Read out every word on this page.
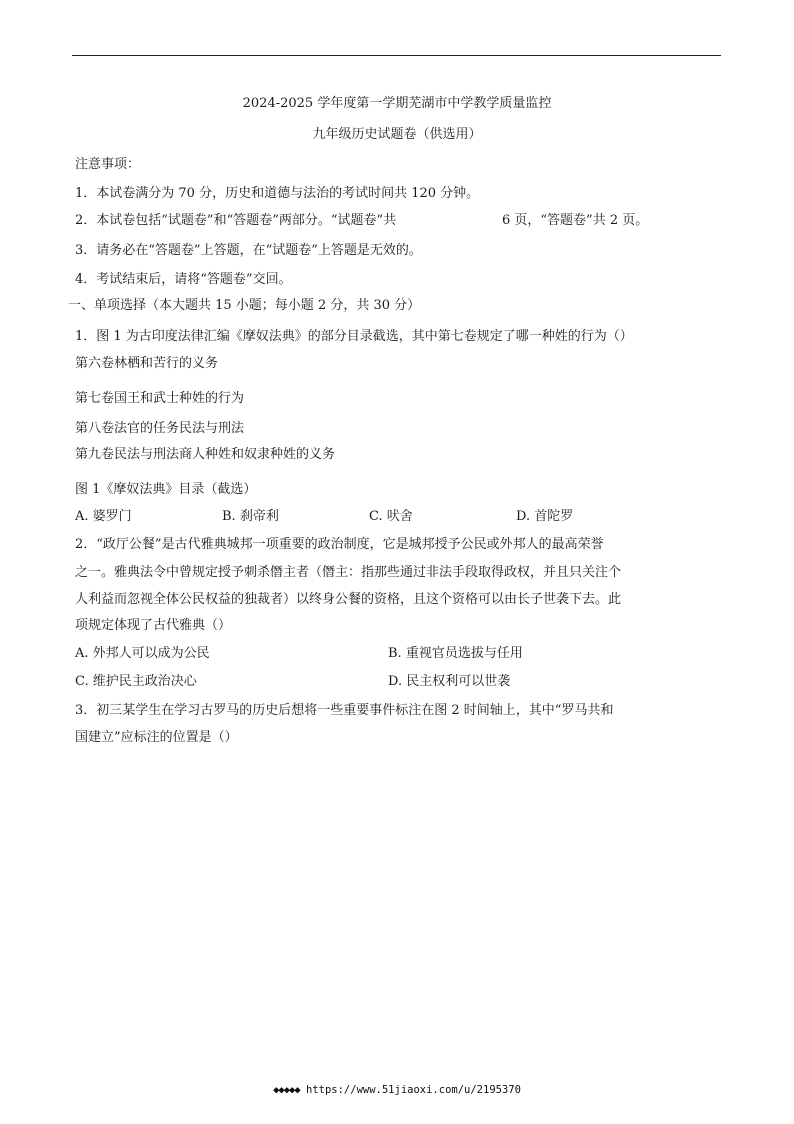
2024-2025 学年度第一学期芜湖市中学教学质量监控
九年级历史试题卷（供选用）
注意事项：
1．本试卷满分为 70 分，历史和道德与法治的考试时间共 120 分钟。
2．本试卷包括“试题卷”和“答题卷”两部分。“试题卷”共	6 页，“答题卷”共 2 页。
3．请务必在“答题卷”上答题，在“试题卷”上答题是无效的。
4．考试结束后，请将“答题卷”交回。
一、单项选择（本大题共 15 小题；每小题 2 分，共 30 分）
1．图 1 为古印度法律汇编《摩奴法典》的部分目录截选，其中第七卷规定了哪一种姓的行为（）
第六卷林栖和苦行的义务
第七卷国王和武士种姓的行为
第八卷法官的任务民法与刑法
第九卷民法与刑法商人种姓和奴隶种姓的义务
图 1《摩奴法典》目录（截选）
A. 婆罗门	B. 刹帝利	C. 吠舍	D. 首陀罗
2．“政厅公餐”是古代雅典城邦一项重要的政治制度，它是城邦授予公民或外邦人的最高荣誉
之一。雅典法令中曾规定授予刺杀僭主者（僭主：指那些通过非法手段取得政权，并且只关注个
人利益而忽视全体公民权益的独裁者）以终身公餐的资格，且这个资格可以由长子世袭下去。此
项规定体现了古代雅典（）
A. 外邦人可以成为公民	B. 重视官员选拔与任用
C. 维护民主政治决心	D. 民主权利可以世袭
3．初三某学生在学习古罗马的历史后想将一些重要事件标注在图 2 时间轴上，其中“罗马共和
国建立”应标注的位置是（）
◆◆◆◆◆ https://www.51jiaoxi.com/u/2195370
